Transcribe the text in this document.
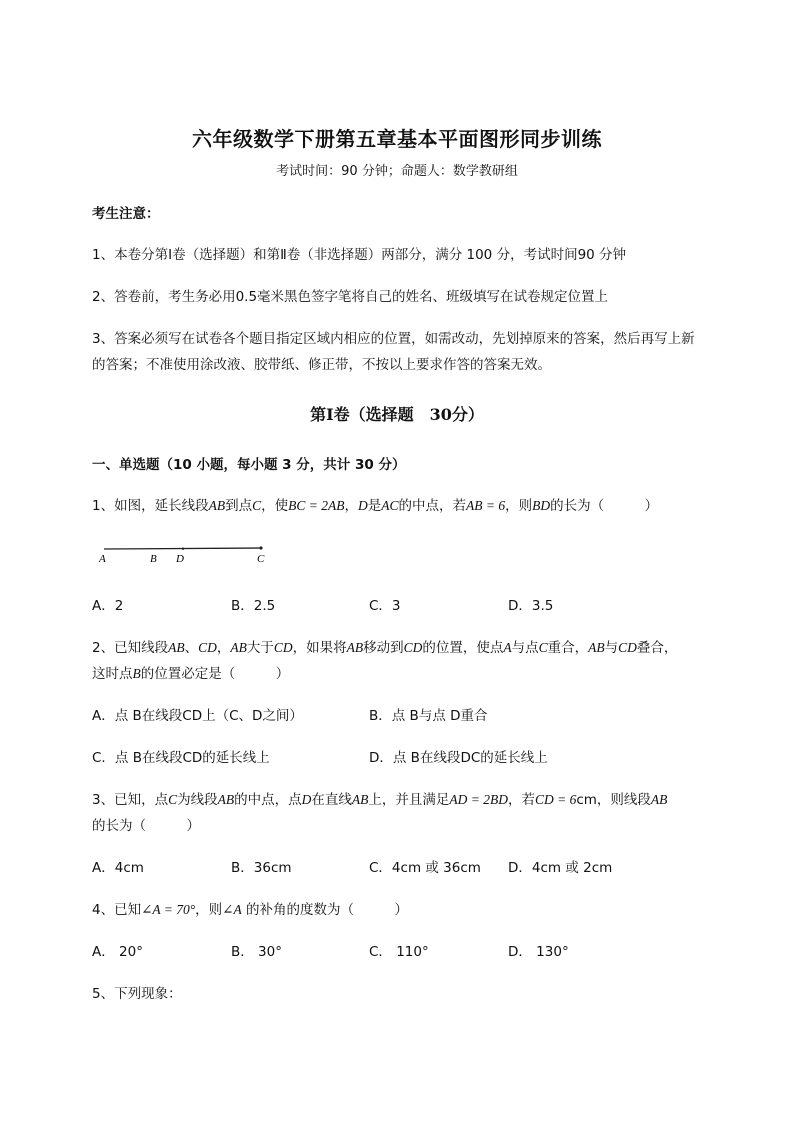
六年级数学下册第五章基本平面图形同步训练
考试时间：90 分钟；命题人：数学教研组
考生注意：
1、本卷分第Ⅰ卷（选择题）和第Ⅱ卷（非选择题）两部分，满分 100 分，考试时间90 分钟
2、答卷前，考生务必用0.5毫米黑色签字笔将自己的姓名、班级填写在试卷规定位置上
3、答案必须写在试卷各个题目指定区域内相应的位置，如需改动，先划掉原来的答案，然后再写上新
的答案；不准使用涂改液、胶带纸、修正带，不按以上要求作答的答案无效。
第Ⅰ卷（选择题　30分）
一、单选题（10 小题，每小题 3 分，共计 30 分）
1、如图，延长线段AB到点C，使BC = 2AB，D是AC的中点，若AB = 6，则BD的长为（　　　）
A	B D	C
A．2	B．2.5	C．3	D．3.5
2、已知线段AB、CD，AB大于CD，如果将AB移动到CD的位置，使点A与点C重合，AB与CD叠合，
这时点B的位置必定是（　　　）
A．点 B在线段CD上（C、D之间）	B．点 B与点 D重合
C．点 B在线段CD的延长线上	D．点 B在线段DC的延长线上
3、已知，点C为线段AB的中点，点D在直线AB上，并且满足AD = 2BD，若CD = 6cm，则线段AB
的长为（　　　）
A．4cm	B．36cm	C．4cm 或 36cm D．4cm 或 2cm
4、已知∠A = 70°，则∠A 的补角的度数为（　　　）
A． 20°	B． 30°	C． 110°	D． 130°
5、下列现象：
